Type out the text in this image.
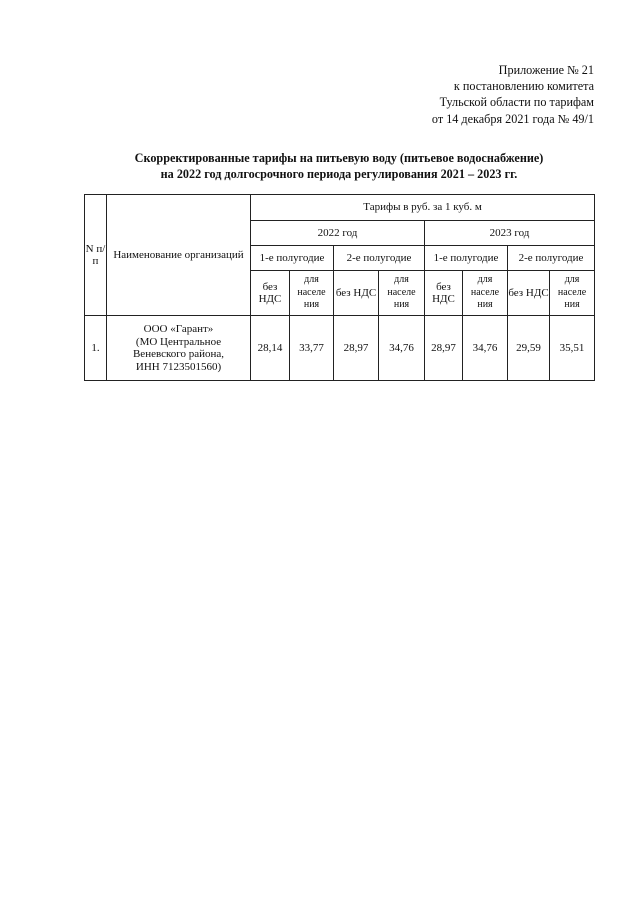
Приложение № 21
к постановлению комитета
Тульской области по тарифам
от 14 декабря 2021 года № 49/1
Скорректированные тарифы на питьевую воду (питьевое водоснабжение)
на 2022 год долгосрочного периода регулирования 2021 – 2023 гг.
N п/п	Наименование организаций	Тарифы в руб. за 1 куб. м							
		2022 год				2023 год			
		1-е полугодие		2-е полугодие		1-е полугодие		2-е полугодие	
		без НДС	для населе ния	без НДС	для населе ния	без НДС	для населе ния	без НДС	для населе ния
1.	ООО «Гарант»
(МО Центральное
Веневского района,
ИНН 7123501560)	28,14	33,77	28,97	34,76	28,97	34,76	29,59	35,51
